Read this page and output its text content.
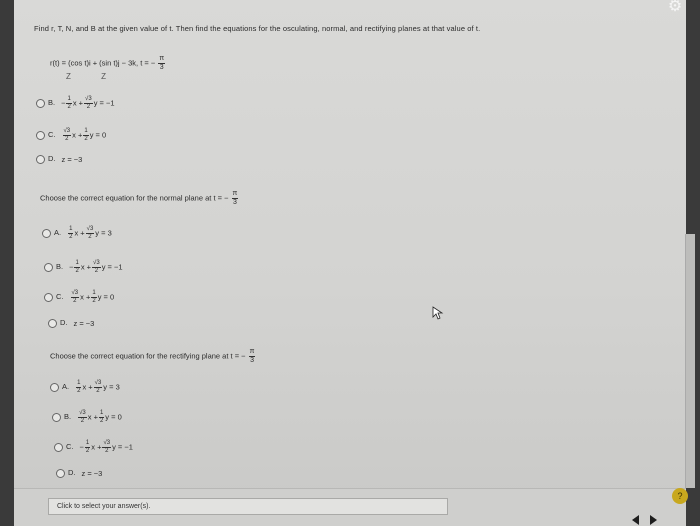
⚙
Find r, T, N, and B at the given value of t. Then find the equations for the osculating, normal, and rectifying planes at that value of t.
r(t) = (cos t)i + (sin t)j − 3k, t = − $\frac{\pi}{3}$
Z Z
B. − $\frac{1}{2}$ $x + \frac{√3}{2}$ y = −1
C. $\frac{√3}{2}$ $x + \frac{1}{2}$ y = 0
D. z = −3
Choose the correct equation for the normal plane at t = − $\frac{\pi}{3}$
A. $\frac{1}{2}$ $x + \frac{√3}{2}$ y = 3
B. − $\frac{1}{2}$ $x + \frac{√3}{2}$ y = −1
C. $\frac{√3}{2}$ $x + \frac{1}{2}$ y = 0
D. z = −3
Choose the correct equation for the rectifying plane at t = − $\frac{\pi}{3}$
A. $\frac{1}{2}$ $x + \frac{√3}{2}$ y = 3
B. $\frac{√3}{2}$ $x + \frac{1}{2}$ y = 0
C. − $\frac{1}{2}$ $x + \frac{√3}{2}$ y = −1
D. z = −3
Click to select your answer(s).
?
